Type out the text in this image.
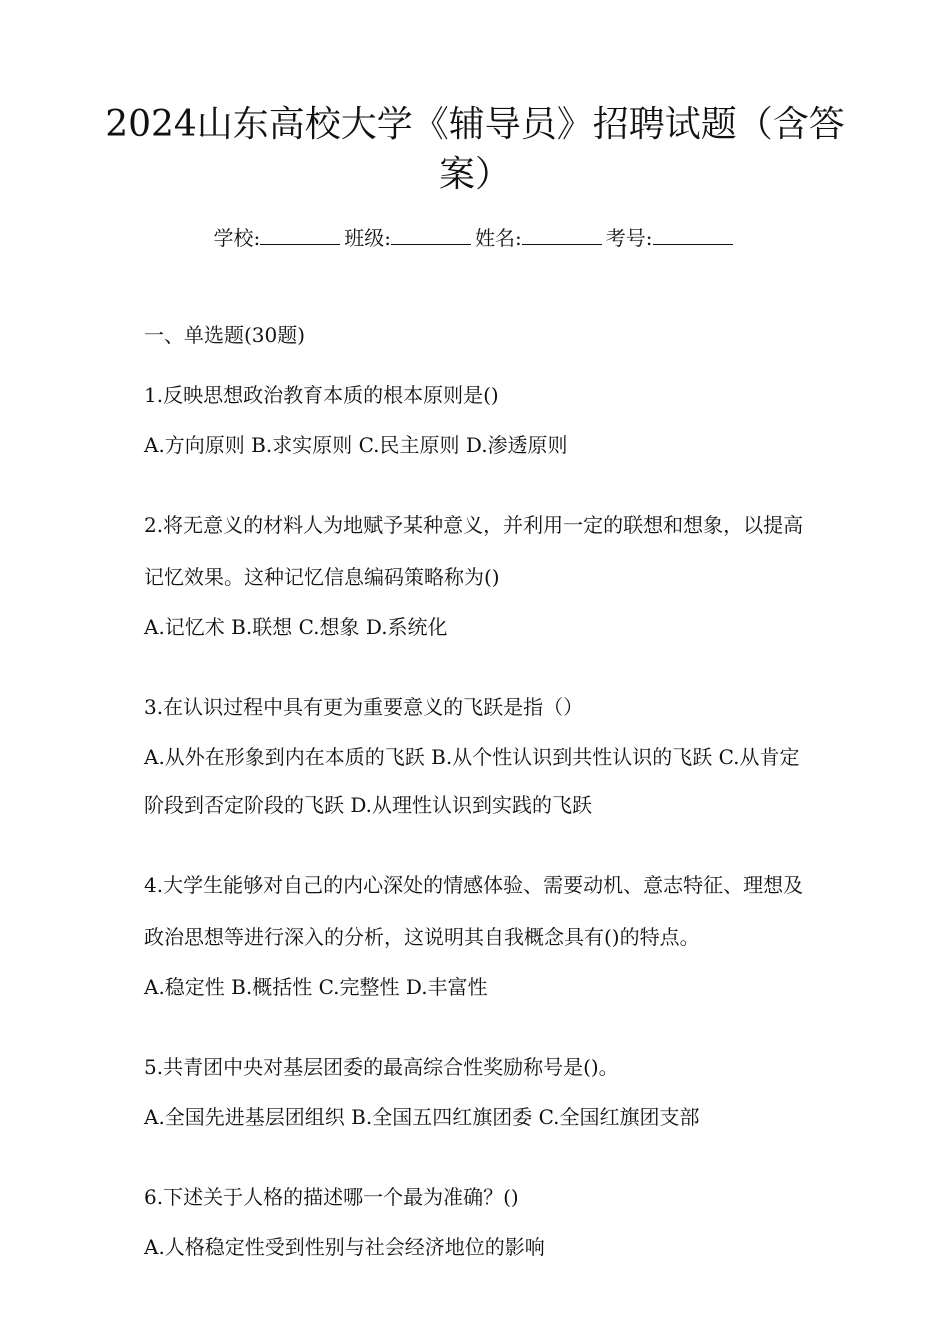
2024山东高校大学《辅导员》招聘试题（含答案）
学校:	班级:	姓名:	考号:

一、单选题(30题)

1.反映思想政治教育本质的根本原则是()

A.方向原则 B.求实原则 C.民主原则 D.渗透原则

2.将无意义的材料人为地赋予某种意义，并利用一定的联想和想象，以提高记忆效果。这种记忆信息编码策略称为()

A.记忆术 B.联想 C.想象 D.系统化

3.在认识过程中具有更为重要意义的飞跃是指（）

A.从外在形象到内在本质的飞跃 B.从个性认识到共性认识的飞跃 C.从肯定阶段到否定阶段的飞跃 D.从理性认识到实践的飞跃

4.大学生能够对自己的内心深处的情感体验、需要动机、意志特征、理想及政治思想等进行深入的分析，这说明其自我概念具有()的特点。

A.稳定性 B.概括性 C.完整性 D.丰富性

5.共青团中央对基层团委的最高综合性奖励称号是()。

A.全国先进基层团组织 B.全国五四红旗团委 C.全国红旗团支部

6.下述关于人格的描述哪一个最为准确？()

A.人格稳定性受到性别与社会经济地位的影响
